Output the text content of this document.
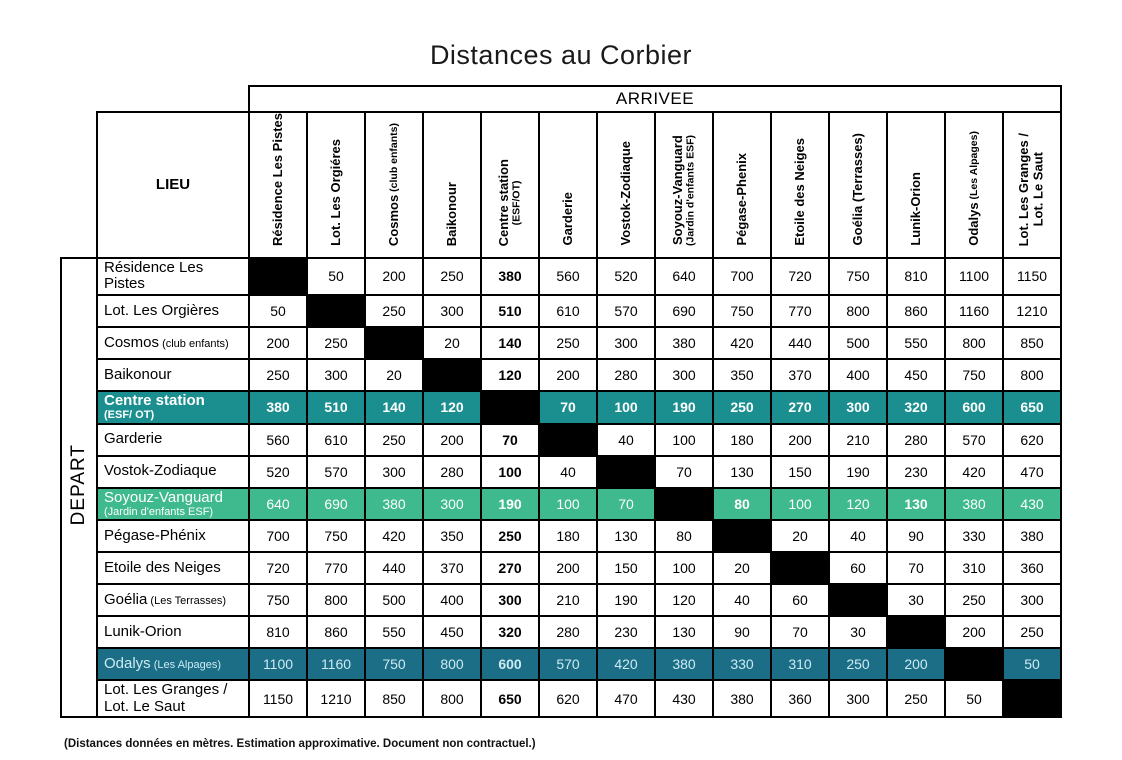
Distances au Corbier
		ARRIVEE													
	LIEU	Résidence Les Pistes	Lot. Les Orgiéres	Cosmos (club enfants)	Baikonour	Centre station (ESF/OT)	Garderie	Vostok-Zodiaque	Soyouz-Vanguard (Jardin d'enfants ESF)	Pégase-Phenix	Etoile des Neiges	Goélia (Terrasses)	Lunik-Orion	Odalys (Les Alpages)	Lot. Les Granges / Lot. Le Saut

DEPART	Résidence Les Pistes		50	200	250	380	560	520	640	700	720	750	810	1100	1150

	Lot. Les Orgières	50		250	300	510	610	570	690	750	770	800	860	1160	1210

	Cosmos (club enfants)	200	250		20	140	250	300	380	420	440	500	550	800	850

	Baikonour	250	300	20		120	200	280	300	350	370	400	450	750	800

	Centre station
(ESF/ OT)	380	510	140	120		70	100	190	250	270	300	320	600	650

	Garderie	560	610	250	200	70		40	100	180	200	210	280	570	620

	Vostok-Zodiaque	520	570	300	280	100	40		70	130	150	190	230	420	470

	Soyouz-Vanguard
(Jardin d'enfants ESF)	640	690	380	300	190	100	70		80	100	120	130	380	430

	Pégase-Phénix	700	750	420	350	250	180	130	80		20	40	90	330	380

	Etoile des Neiges	720	770	440	370	270	200	150	100	20		60	70	310	360

	Goélia (Les Terrasses)	750	800	500	400	300	210	190	120	40	60		30	250	300

	Lunik-Orion	810	860	550	450	320	280	230	130	90	70	30		200	250

	Odalys (Les Alpages)	1100	1160	750	800	600	570	420	380	330	310	250	200		50

	Lot. Les Granges /
Lot. Le Saut	1150	1210	850	800	650	620	470	430	380	360	300	250	50	
(Distances données en mètres. Estimation approximative. Document non contractuel.)
